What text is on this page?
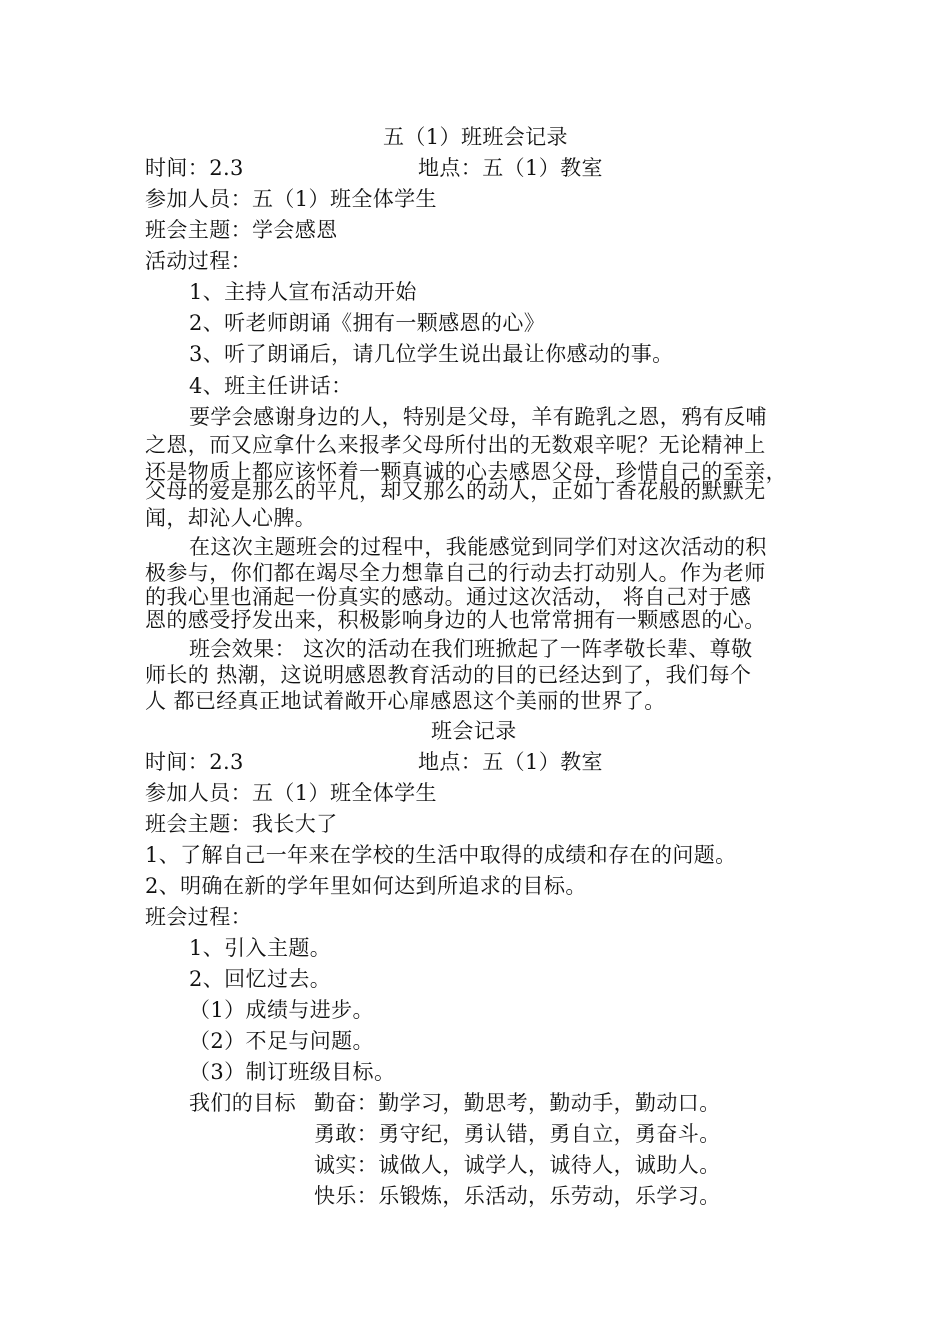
五（1）班班会记录
时间：2.3	地点：五（1）教室
参加人员：五（1）班全体学生
班会主题：学会感恩
活动过程：
1、主持人宣布活动开始
2、听老师朗诵《拥有一颗感恩的心》
3、听了朗诵后，请几位学生说出最让你感动的事。
4、班主任讲话：
要学会感谢身边的人，特别是父母，羊有跪乳之恩，鸦有反哺
之恩，而又应拿什么来报孝父母所付出的无数艰辛呢？无论精神上
还是物质上都应该怀着一颗真诚的心去感恩父母，珍惜自己的至亲，
父母的爱是那么的平凡，却又那么的动人，正如丁香花般的默默无
闻，却沁人心脾。
在这次主题班会的过程中，我能感觉到同学们对这次活动的积
极参与，你们都在竭尽全力想靠自己的行动去打动别人。作为老师
的我心里也涌起一份真实的感动。通过这次活动， 将自己对于感
恩的感受抒发出来，积极影响身边的人也常常拥有一颗感恩的心。
班会效果： 这次的活动在我们班掀起了一阵孝敬长辈、尊敬
师长的 热潮，这说明感恩教育活动的目的已经达到了，我们每个
人 都已经真正地试着敞开心扉感恩这个美丽的世界了。
班会记录
时间：2.3	地点：五（1）教室
参加人员：五（1）班全体学生
班会主题：我长大了
1、了解自己一年来在学校的生活中取得的成绩和存在的问题。
2、明确在新的学年里如何达到所追求的目标。
班会过程：
1、引入主题。
2、回忆过去。
（1）成绩与进步。
（2）不足与问题。
（3）制订班级目标。
我们的目标 勤奋：勤学习，勤思考，勤动手，勤动口。
勇敢：勇守纪，勇认错，勇自立，勇奋斗。
诚实：诚做人，诚学人，诚待人，诚助人。
快乐：乐锻炼，乐活动，乐劳动，乐学习。
